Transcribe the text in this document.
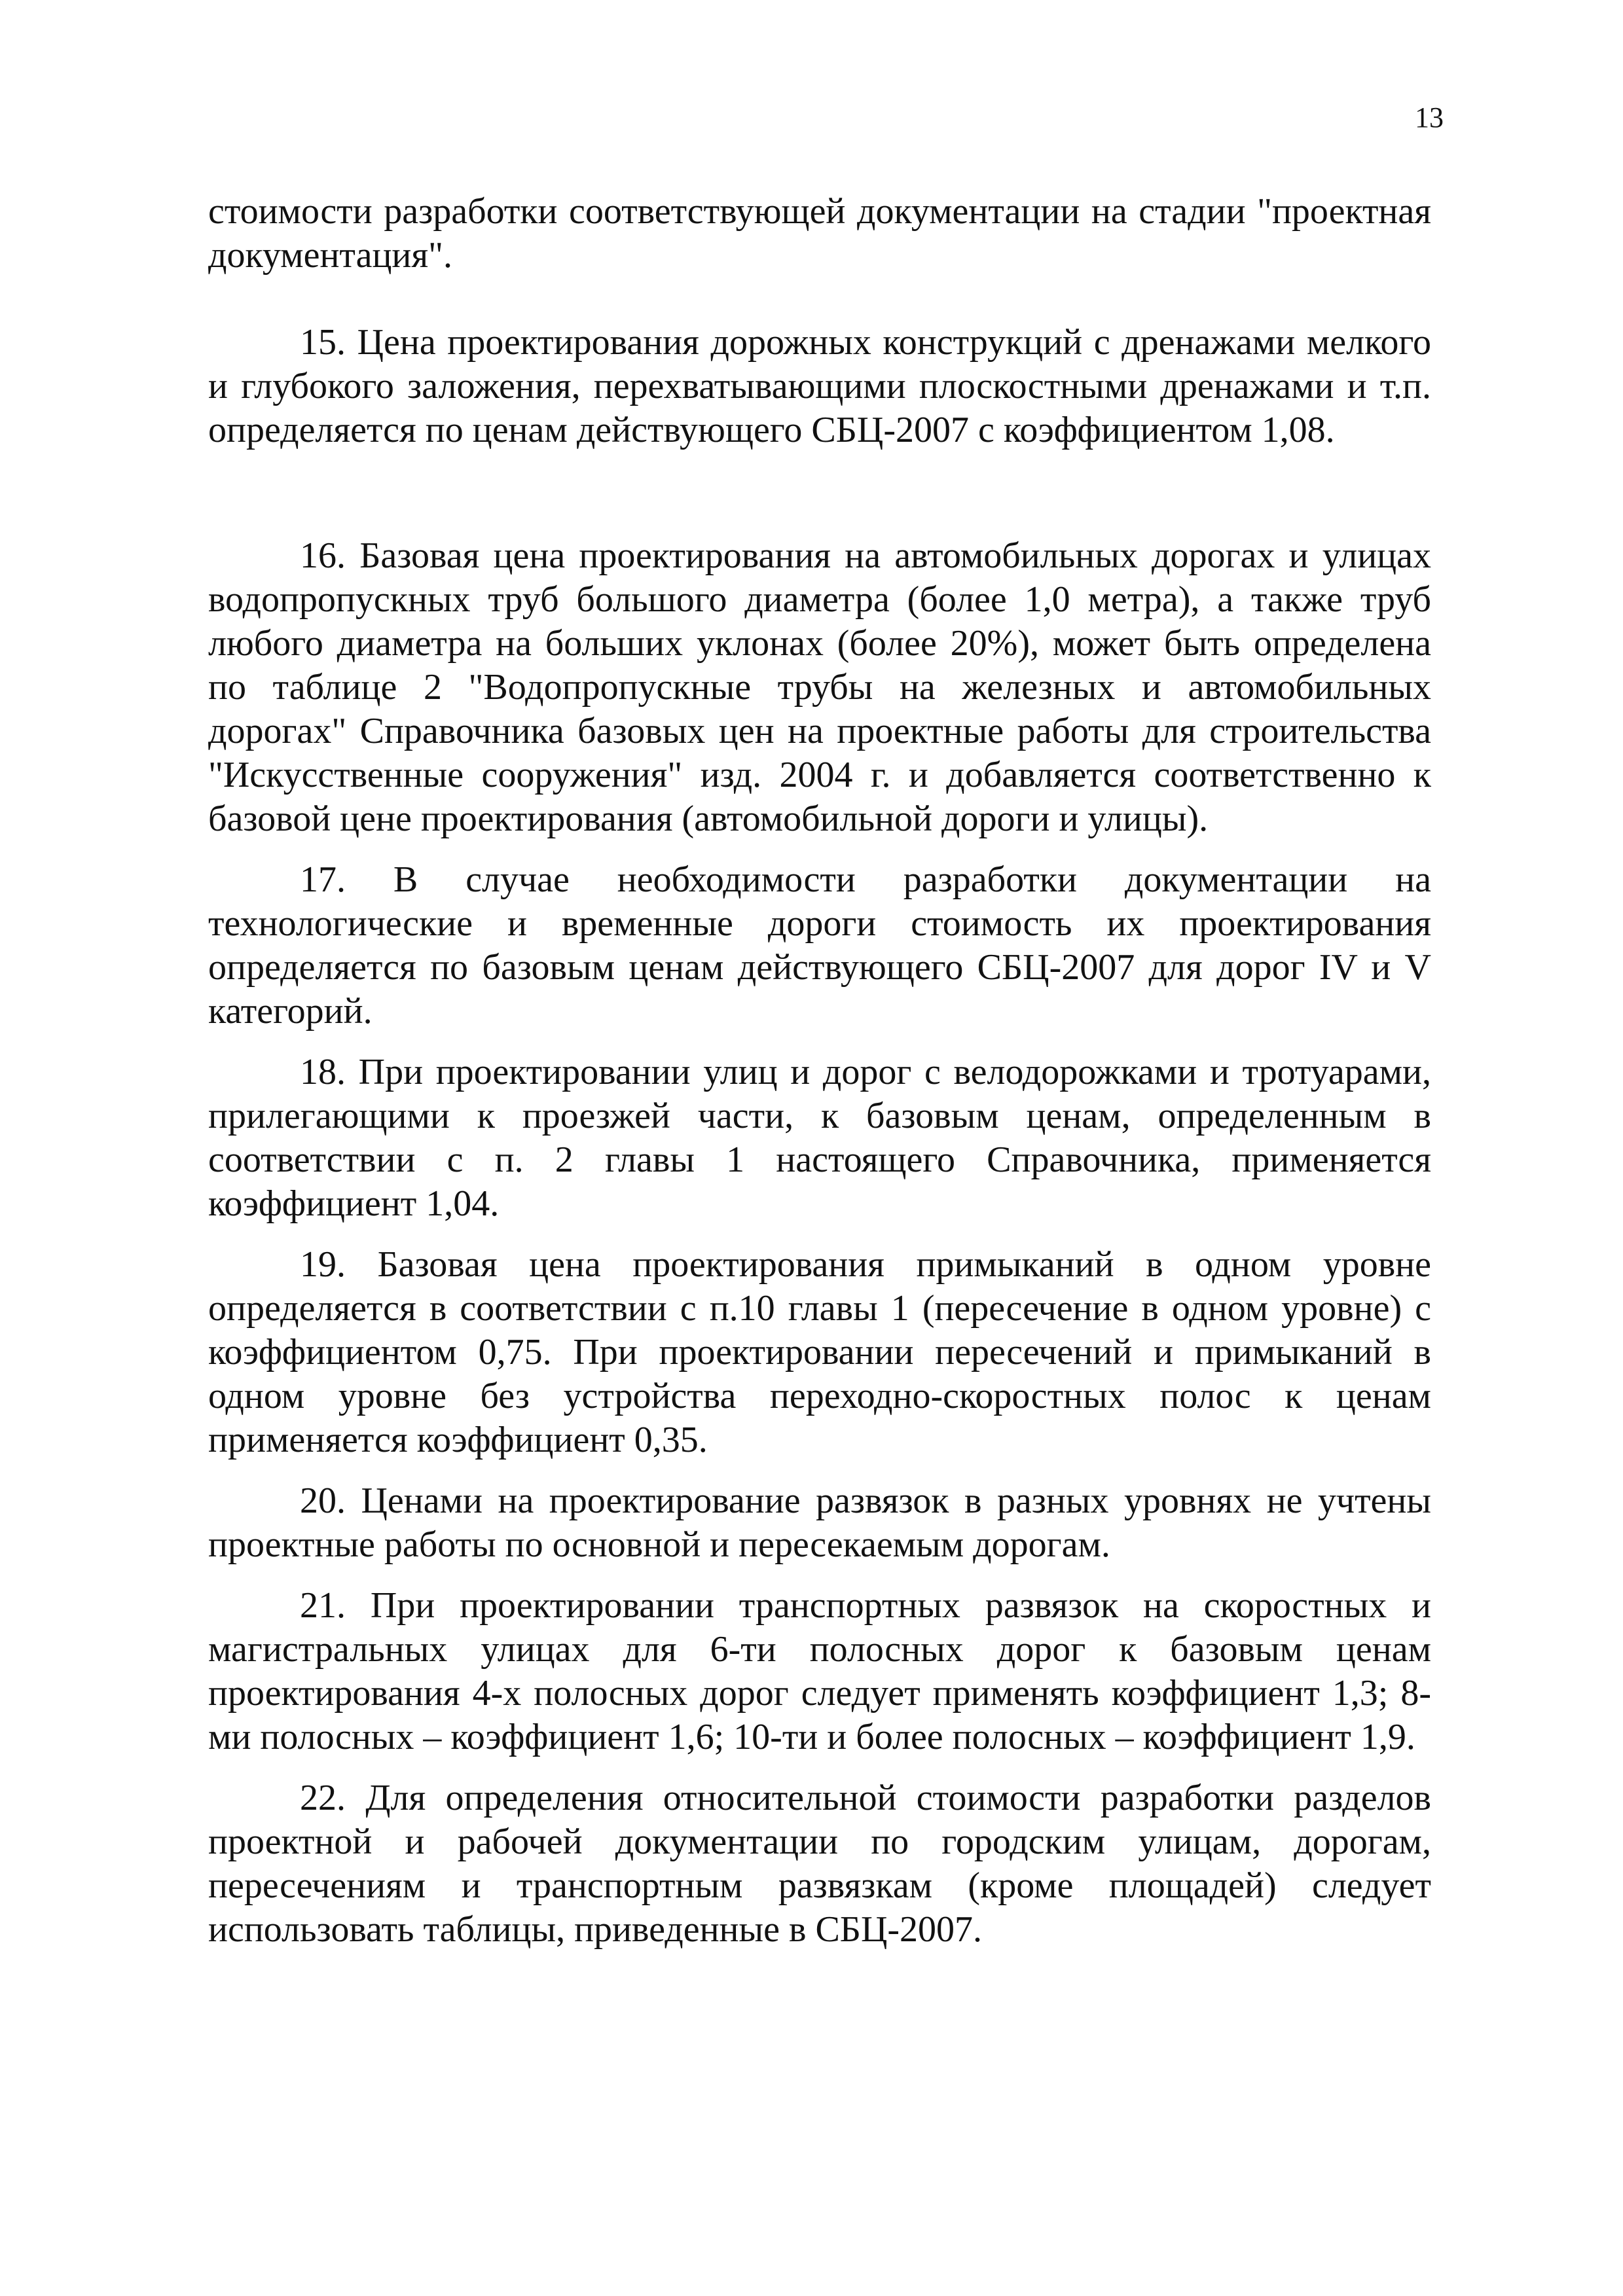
13

стоимости разработки соответствующей документации на стадии "проектная документация".

15. Цена проектирования дорожных конструкций с дренажами мелкого и глубокого заложения, перехватывающими плоскостными дренажами и т.п. определяется по ценам действующего СБЦ-2007 с коэффициентом 1,08.

16. Базовая цена проектирования на автомобильных дорогах и улицах водопропускных труб большого диаметра (более 1,0 метра), а также труб любого диаметра на больших уклонах (более 20%), может быть определена по таблице 2 "Водопропускные трубы на железных и автомобильных дорогах" Справочника базовых цен на проектные работы для строительства "Искусственные сооружения" изд. 2004 г. и добавляется соответственно к базовой цене проектирования (автомобильной дороги и улицы).

17. В случае необходимости разработки документации на технологические и временные дороги стоимость их проектирования определяется по базовым ценам действующего СБЦ-2007 для дорог IV и V категорий.

18. При проектировании улиц и дорог с велодорожками и тротуарами, прилегающими к проезжей части, к базовым ценам, определенным в соответствии с п. 2 главы 1 настоящего Справочника, применяется коэффициент 1,04.

19. Базовая цена проектирования примыканий в одном уровне определяется в соответствии с п.10 главы 1 (пересечение в одном уровне) с коэффициентом 0,75. При проектировании пересечений и примыканий в одном уровне без устройства переходно-скоростных полос к ценам применяется коэффициент 0,35.

20. Ценами на проектирование развязок в разных уровнях не учтены проектные работы по основной и пересекаемым дорогам.

21. При проектировании транспортных развязок на скоростных и магистральных улицах для 6-ти полосных дорог к базовым ценам проектирования 4-х полосных дорог следует применять коэффициент 1,3; 8-ми полосных – коэффициент 1,6; 10-ти и более полосных – коэффициент 1,9.

22. Для определения относительной стоимости разработки разделов проектной и рабочей документации по городским улицам, дорогам, пересечениям и транспортным развязкам (кроме площадей) следует использовать таблицы, приведенные в СБЦ-2007.
